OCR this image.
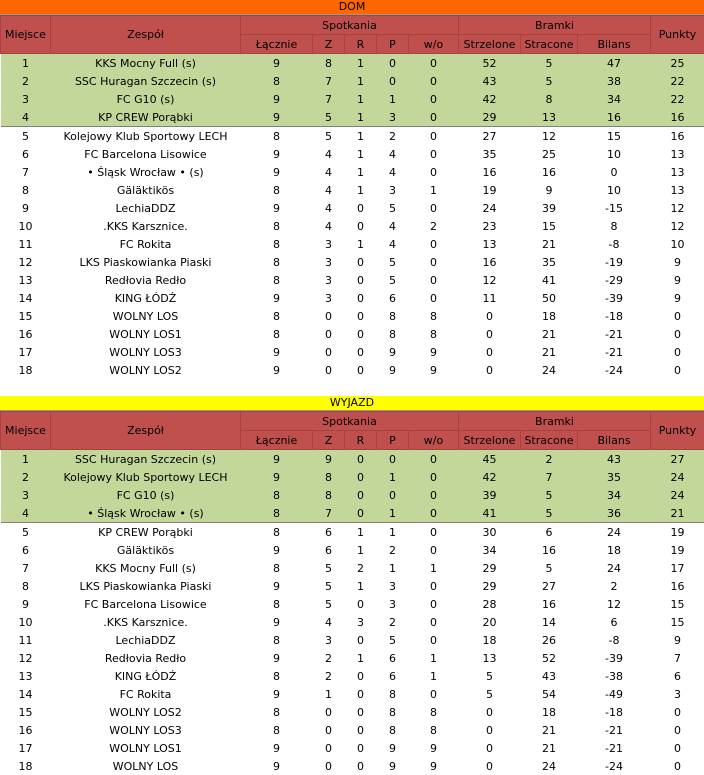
DOM
Miejsce	Zespół	Spotkania					Bramki			Punkty
		Łącznie	Z	R	P	w/o	Strzelone	Stracone	Bilans	
1	KKS Mocny Full (s)	9	8	1	0	0	52	5	47	25
2	SSC Huragan Szczecin (s)	8	7	1	0	0	43	5	38	22
3	FC G10 (s)	9	7	1	1	0	42	8	34	22
4	KP CREW Porąbki	9	5	1	3	0	29	13	16	16
5	Kolejowy Klub Sportowy LECH	8	5	1	2	0	27	12	15	16
6	FC Barcelona Lisowice	9	4	1	4	0	35	25	10	13
7	• Śląsk Wrocław • (s)	9	4	1	4	0	16	16	0	13
8	Gäläktikös	8	4	1	3	1	19	9	10	13
9	LechiaDDZ	9	4	0	5	0	24	39	-15	12
10	.KKS Karsznice.	8	4	0	4	2	23	15	8	12
11	FC Rokita	8	3	1	4	0	13	21	-8	10
12	LKS Piaskowianka Piaski	8	3	0	5	0	16	35	-19	9
13	Redłovia Redło	8	3	0	5	0	12	41	-29	9
14	KING ŁÓDŹ	9	3	0	6	0	11	50	-39	9
15	WOLNY LOS	8	0	0	8	8	0	18	-18	0
16	WOLNY LOS1	8	0	0	8	8	0	21	-21	0
17	WOLNY LOS3	9	0	0	9	9	0	21	-21	0
18	WOLNY LOS2	9	0	0	9	9	0	24	-24	0
WYJAZD
Miejsce	Zespół	Spotkania					Bramki			Punkty
		Łącznie	Z	R	P	w/o	Strzelone	Stracone	Bilans	
1	SSC Huragan Szczecin (s)	9	9	0	0	0	45	2	43	27
2	Kolejowy Klub Sportowy LECH	9	8	0	1	0	42	7	35	24
3	FC G10 (s)	8	8	0	0	0	39	5	34	24
4	• Śląsk Wrocław • (s)	8	7	0	1	0	41	5	36	21
5	KP CREW Porąbki	8	6	1	1	0	30	6	24	19
6	Gäläktikös	9	6	1	2	0	34	16	18	19
7	KKS Mocny Full (s)	8	5	2	1	1	29	5	24	17
8	LKS Piaskowianka Piaski	9	5	1	3	0	29	27	2	16
9	FC Barcelona Lisowice	8	5	0	3	0	28	16	12	15
10	.KKS Karsznice.	9	4	3	2	0	20	14	6	15
11	LechiaDDZ	8	3	0	5	0	18	26	-8	9
12	Redłovia Redło	9	2	1	6	1	13	52	-39	7
13	KING ŁÓDŹ	8	2	0	6	1	5	43	-38	6
14	FC Rokita	9	1	0	8	0	5	54	-49	3
15	WOLNY LOS2	8	0	0	8	8	0	18	-18	0
16	WOLNY LOS3	8	0	0	8	8	0	21	-21	0
17	WOLNY LOS1	9	0	0	9	9	0	21	-21	0
18	WOLNY LOS	9	0	0	9	9	0	24	-24	0
